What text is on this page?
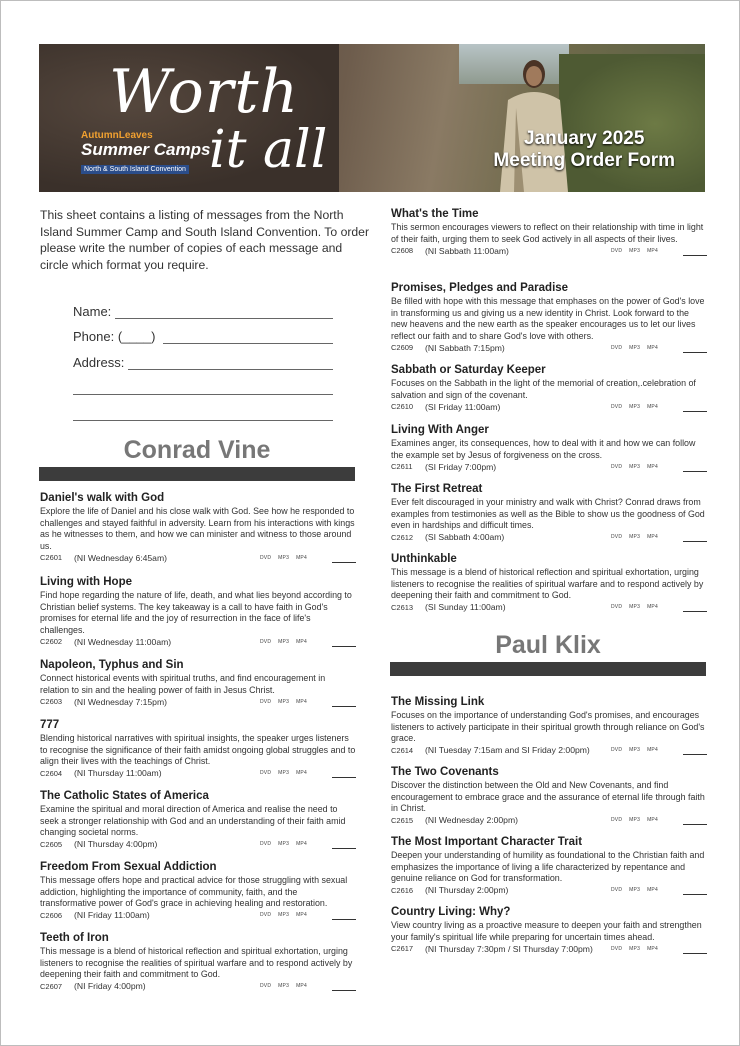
Worth
it all
AutumnLeaves
Summer Camps
North & South Island Convention
January 2025
Meeting Order Form
This sheet contains a listing of messages from the North Island Summer Camp and South Island Convention. To order please write the number of copies of each message and circle which format you require.
Name:
Phone: (____)
Address:
Conrad Vine
Paul Klix
Daniel's walk with God

Explore the life of Daniel and his close walk with God. See how he responded to challenges and stayed faithful in adversity. Learn from his interactions with kings as he witnesses to them, and how we can minister and witness to those around us.

C2601	(NI Wednesday 6:45am)	DVD MP3 MP4
Living with Hope

Find hope regarding the nature of life, death, and what lies beyond according to Christian belief systems. The key takeaway is a call to have faith in God's promises for eternal life and the joy of resurrection in the face of life's challenges.

C2602	(NI Wednesday 11:00am)	DVD MP3 MP4
Napoleon, Typhus and Sin

Connect historical events with spiritual truths, and find encouragement in relation to sin and the healing power of faith in Jesus Christ.

C2603	(NI Wednesday 7:15pm)	DVD MP3 MP4
777

Blending historical narratives with spiritual insights, the speaker urges listeners to recognise the significance of their faith amidst ongoing global struggles and to align their lives with the teachings of Christ.

C2604	(NI Thursday 11:00am)	DVD MP3 MP4
The Catholic States of America

Examine the spiritual and moral direction of America and realise the need to seek a stronger relationship with God and an understanding of their faith amid changing societal norms.

C2605	(NI Thursday 4:00pm)	DVD MP3 MP4
Freedom From Sexual Addiction

This message offers hope and practical advice for those struggling with sexual addiction, highlighting the importance of community, faith, and the transformative power of God's grace in achieving healing and restoration.

C2606	(NI Friday 11:00am)	DVD MP3 MP4
Teeth of Iron

This message is a blend of historical reflection and spiritual exhortation, urging listeners to recognise the realities of spiritual warfare and to respond actively by deepening their faith and commitment to God.

C2607	(NI Friday 4:00pm)	DVD MP3 MP4
What's the Time

This sermon encourages viewers to reflect on their relationship with time in light of their faith, urging them to seek God actively in all aspects of their lives.

C2608	(NI Sabbath 11:00am)	DVD MP3 MP4
Promises, Pledges and Paradise

Be filled with hope with this message that emphases on the power of God's love in transforming us and giving us a new identity in Christ. Look forward to the new heavens and the new earth as the speaker encourages us to let our lives reflect our faith and to share God's love with others.

C2609	(NI Sabbath 7:15pm)	DVD MP3 MP4
Sabbath or Saturday Keeper

Focuses on the Sabbath in the light of the memorial of creation,.celebration of salvation and sign of the covenant.

C2610	(SI Friday 11:00am)	DVD MP3 MP4
Living With Anger

Examines anger, its consequences, how to deal with it and how we can follow the example set by Jesus of forgiveness on the cross.

C2611	(SI Friday 7:00pm)	DVD MP3 MP4
The First Retreat

Ever felt discouraged in your ministry and walk with Christ? Conrad draws from examples from testimonies as well as the Bible to show us the goodness of God even in hardships and difficult times.

C2612	(SI Sabbath 4:00am)	DVD MP3 MP4
Unthinkable

This message is a blend of historical reflection and spiritual exhortation, urging listeners to recognise the realities of spiritual warfare and to respond actively by deepening their faith and commitment to God.

C2613	(SI Sunday 11:00am)	DVD MP3 MP4
The Missing Link

Focuses on the importance of understanding God's promises, and encourages listeners to actively participate in their spiritual growth through reliance on God's grace.

C2614	(NI Tuesday 7:15am and SI Friday 2:00pm)	DVD MP3 MP4
The Two Covenants

Discover the distinction between the Old and New Covenants, and find encouragement to embrace grace and the assurance of eternal life through faith in Christ.

C2615	(NI Wednesday 2:00pm)	DVD MP3 MP4
The Most Important Character Trait

Deepen your understanding of humility as foundational to the Christian faith and emphasizes the importance of living a life characterized by repentance and genuine reliance on God for transformation.

C2616	(NI Thursday 2:00pm)	DVD MP3 MP4
Country Living: Why?

View country living as a proactive measure to deepen your faith and strengthen your family's spiritual life while preparing for uncertain times ahead.

C2617	(NI Thursday 7:30pm / SI Thursday 7:00pm)	DVD MP3 MP4
